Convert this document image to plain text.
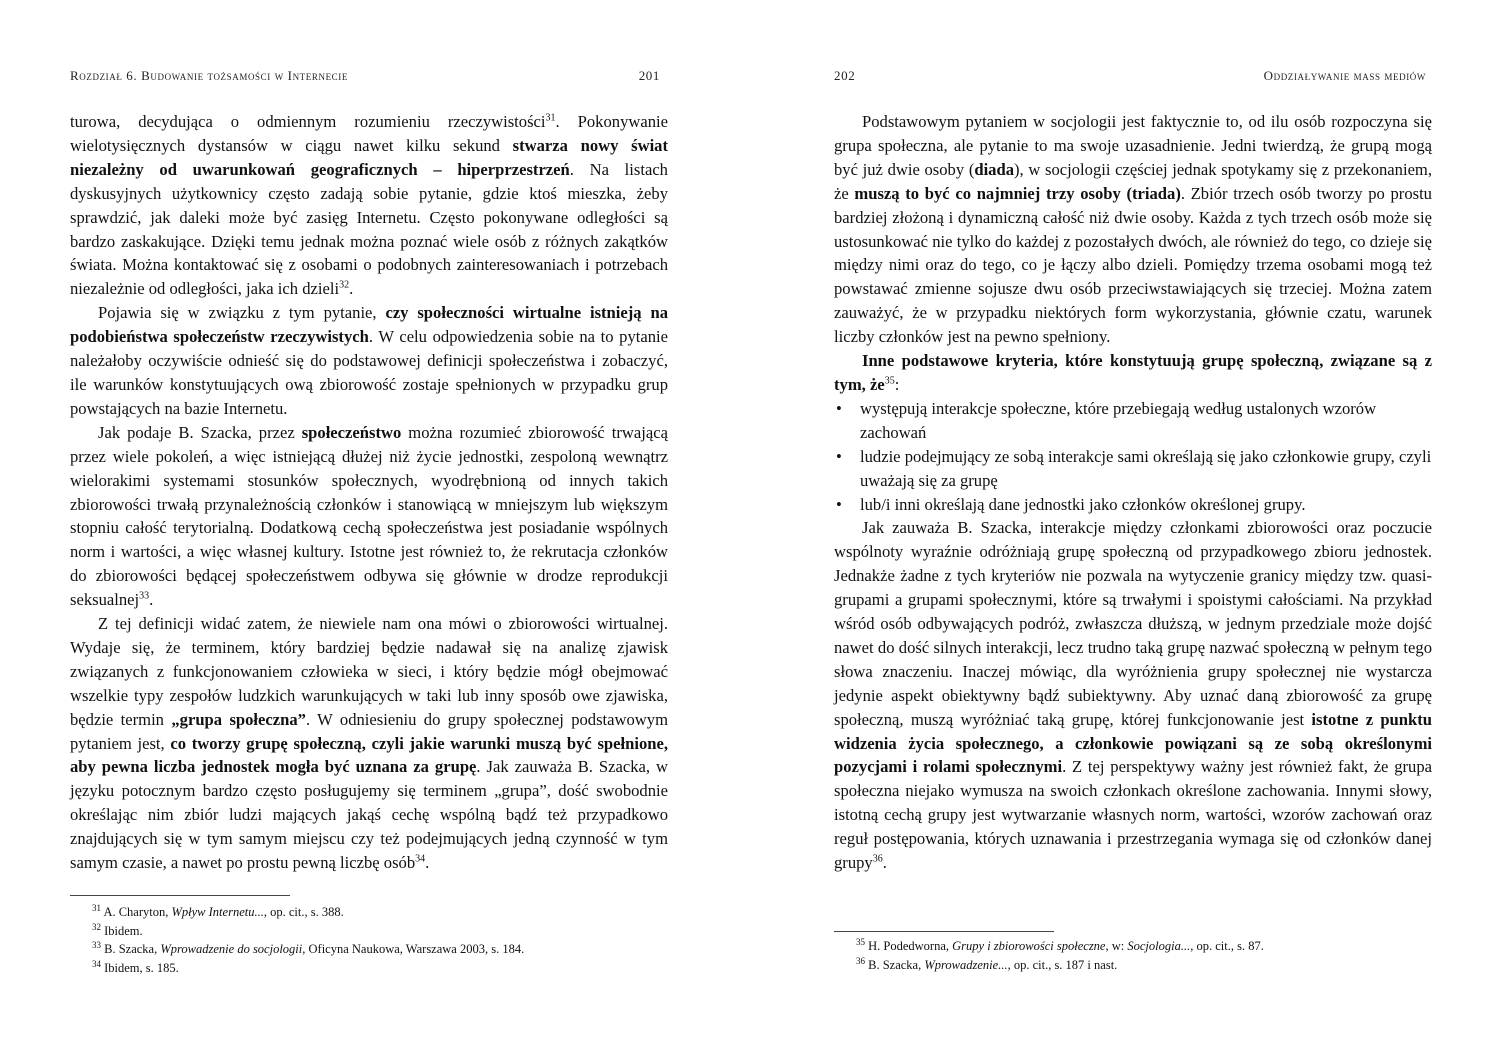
Rozdział 6. Budowanie tożsamości w Internecie	201

turowa, decydująca o odmiennym rozumieniu rzeczywistości$^{31}$. Pokonywanie wielotysięcznych dystansów w ciągu nawet kilku sekund stwarza nowy świat niezależny od uwarunkowań geograficznych – hiperprzestrzeń. Na listach dyskusyjnych użytkownicy często zadają sobie pytanie, gdzie ktoś mieszka, żeby sprawdzić, jak daleki może być zasięg Internetu. Często pokonywane odległości są bardzo zaskakujące. Dzięki temu jednak można poznać wiele osób z różnych zakątków świata. Można kontaktować się z osobami o podobnych zainteresowaniach i potrzebach niezależnie od odległości, jaka ich dzieli$^{32}$.

Pojawia się w związku z tym pytanie, czy społeczności wirtualne istnieją na podobieństwa społeczeństw rzeczywistych. W celu odpowiedzenia sobie na to pytanie należałoby oczywiście odnieść się do podstawowej definicji społeczeństwa i zobaczyć, ile warunków konstytuujących ową zbiorowość zostaje spełnionych w przypadku grup powstających na bazie Internetu.

Jak podaje B. Szacka, przez społeczeństwo można rozumieć zbiorowość trwającą przez wiele pokoleń, a więc istniejącą dłużej niż życie jednostki, zespoloną wewnątrz wielorakimi systemami stosunków społecznych, wyodrębnioną od innych takich zbiorowości trwałą przynależnością członków i stanowiącą w mniejszym lub większym stopniu całość terytorialną. Dodatkową cechą społeczeństwa jest posiadanie wspólnych norm i wartości, a więc własnej kultury. Istotne jest również to, że rekrutacja członków do zbiorowości będącej społeczeństwem odbywa się głównie w drodze reprodukcji seksualnej$^{33}$.

Z tej definicji widać zatem, że niewiele nam ona mówi o zbiorowości wirtualnej. Wydaje się, że terminem, który bardziej będzie nadawał się na analizę zjawisk związanych z funkcjonowaniem człowieka w sieci, i który będzie mógł obejmować wszelkie typy zespołów ludzkich warunkujących w taki lub inny sposób owe zjawiska, będzie termin „grupa społeczna”. W odniesieniu do grupy społecznej podstawowym pytaniem jest, co tworzy grupę społeczną, czyli jakie warunki muszą być spełnione, aby pewna liczba jednostek mogła być uznana za grupę. Jak zauważa B. Szacka, w języku potocznym bardzo często posługujemy się terminem „grupa”, dość swobodnie określając nim zbiór ludzi mających jakąś cechę wspólną bądź też przypadkowo znajdujących się w tym samym miejscu czy też podejmujących jedną czynność w tym samym czasie, a nawet po prostu pewną liczbę osób$^{34}$.

$^{31}$ A. Charyton, Wpływ Internetu..., op. cit., s. 388.
$^{32}$ Ibidem.
$^{33}$ B. Szacka, Wprowadzenie do socjologii, Oficyna Naukowa, Warszawa 2003, s. 184.
$^{34}$ Ibidem, s. 185.
202	Oddziaływanie mass mediów

Podstawowym pytaniem w socjologii jest faktycznie to, od ilu osób rozpoczyna się grupa społeczna, ale pytanie to ma swoje uzasadnienie. Jedni twierdzą, że grupą mogą być już dwie osoby (diada), w socjologii częściej jednak spotykamy się z przekonaniem, że muszą to być co najmniej trzy osoby (triada). Zbiór trzech osób tworzy po prostu bardziej złożoną i dynamiczną całość niż dwie osoby. Każda z tych trzech osób może się ustosunkować nie tylko do każdej z pozostałych dwóch, ale również do tego, co dzieje się między nimi oraz do tego, co je łączy albo dzieli. Pomiędzy trzema osobami mogą też powstawać zmienne sojusze dwu osób przeciwstawiających się trzeciej. Można zatem zauważyć, że w przypadku niektórych form wykorzystania, głównie czatu, warunek liczby członków jest na pewno spełniony.

Inne podstawowe kryteria, które konstytuują grupę społeczną, związane są z tym, $że^{35}$:

• występują interakcje społeczne, które przebiegają według ustalonych wzorów zachowań
• ludzie podejmujący ze sobą interakcje sami określają się jako członkowie grupy, czyli uważają się za grupę
• lub/i inni określają dane jednostki jako członków określonej grupy.

Jak zauważa B. Szacka, interakcje między członkami zbiorowości oraz poczucie wspólnoty wyraźnie odróżniają grupę społeczną od przypadkowego zbioru jednostek. Jednakże żadne z tych kryteriów nie pozwala na wytyczenie granicy między tzw. quasi-grupami a grupami społecznymi, które są trwałymi i spoistymi całościami. Na przykład wśród osób odbywających podróż, zwłaszcza dłuższą, w jednym przedziale może dojść nawet do dość silnych interakcji, lecz trudno taką grupę nazwać społeczną w pełnym tego słowa znaczeniu. Inaczej mówiąc, dla wyróżnienia grupy społecznej nie wystarcza jedynie aspekt obiektywny bądź subiektywny. Aby uznać daną zbiorowość za grupę społeczną, muszą wyróżniać taką grupę, której funkcjonowanie jest istotne z punktu widzenia życia społecznego, a członkowie powiązani są ze sobą określonymi pozycjami i rolami społecznymi. Z tej perspektywy ważny jest również fakt, że grupa społeczna niejako wymusza na swoich członkach określone zachowania. Innymi słowy, istotną cechą grupy jest wytwarzanie własnych norm, wartości, wzorów zachowań oraz reguł postępowania, których uznawania i przestrzegania wymaga się od członków danej grupy$^{36}$.

$^{35}$ H. Podedworna, Grupy i zbiorowości społeczne, w: Socjologia..., op. cit., s. 87.
$^{36}$ B. Szacka, Wprowadzenie..., op. cit., s. 187 i nast.
